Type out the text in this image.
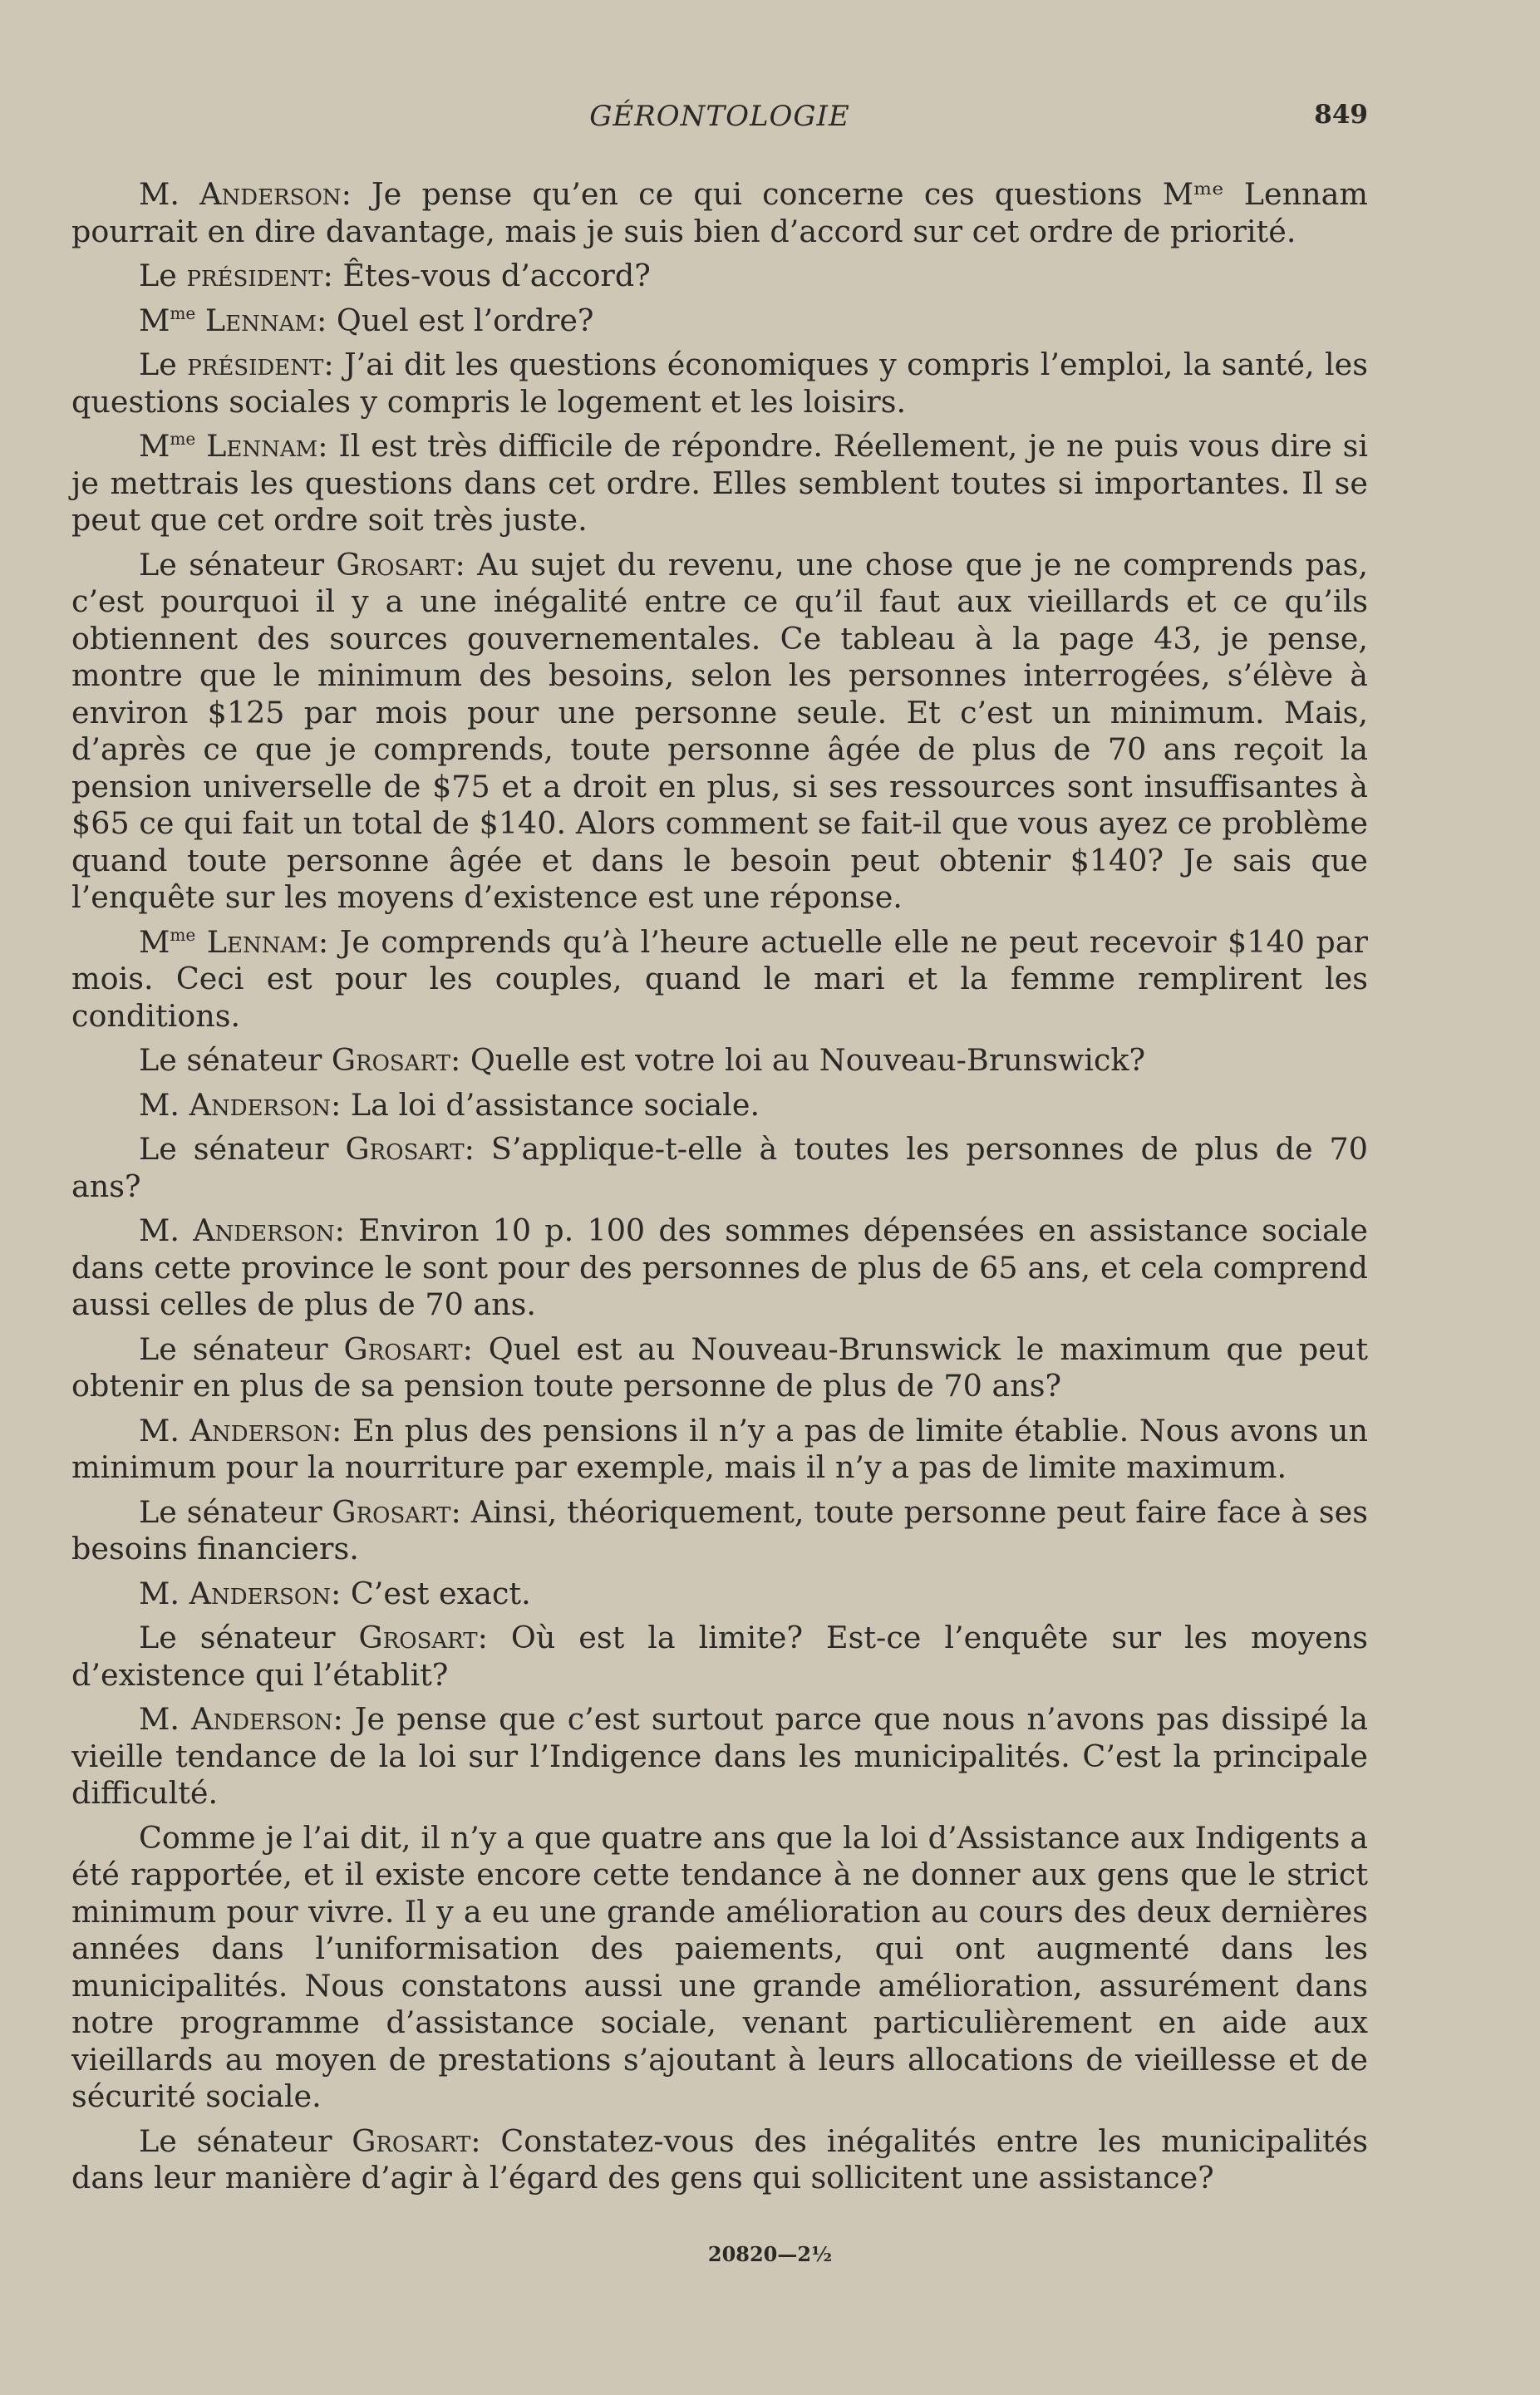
GÉRONTOLOGIE	849

M. Anderson: Je pense qu’en ce qui concerne ces questions Mᵐᵉ Lennam pourrait en dire davantage, mais je suis bien d’accord sur cet ordre de priorité.

Le président: Êtes-vous d’accord?

$M^{me}$ Lennam: Quel est l’ordre?

Le président: J’ai dit les questions économiques y compris l’emploi, la santé, les questions sociales y compris le logement et les loisirs.

$M^{me}$ Lennam: Il est très difficile de répondre. Réellement, je ne puis vous dire si je mettrais les questions dans cet ordre. Elles semblent toutes si importantes. Il se peut que cet ordre soit très juste.

Le sénateur Grosart: Au sujet du revenu, une chose que je ne comprends pas, c’est pourquoi il y a une inégalité entre ce qu’il faut aux vieillards et ce qu’ils obtiennent des sources gouvernementales. Ce tableau à la page 43, je pense, montre que le minimum des besoins, selon les personnes interrogées, s’élève à environ $125 par mois pour une personne seule. Et c’est un minimum. Mais, d’après ce que je comprends, toute personne âgée de plus de 70 ans reçoit la pension universelle de $75 et a droit en plus, si ses ressources sont insuffisantes à $65 ce qui fait un total de $140. Alors comment se fait-il que vous ayez ce problème quand toute personne âgée et dans le besoin peut obtenir $140? Je sais que l’enquête sur les moyens d’existence est une réponse.

$M^{me}$ Lennam: Je comprends qu’à l’heure actuelle elle ne peut recevoir $140 par mois. Ceci est pour les couples, quand le mari et la femme remplirent les conditions.

Le sénateur Grosart: Quelle est votre loi au Nouveau-Brunswick?

M. Anderson: La loi d’assistance sociale.

Le sénateur Grosart: S’applique-t-elle à toutes les personnes de plus de 70 ans?

M. Anderson: Environ 10 p. 100 des sommes dépensées en assistance sociale dans cette province le sont pour des personnes de plus de 65 ans, et cela comprend aussi celles de plus de 70 ans.

Le sénateur Grosart: Quel est au Nouveau-Brunswick le maximum que peut obtenir en plus de sa pension toute personne de plus de 70 ans?

M. Anderson: En plus des pensions il n’y a pas de limite établie. Nous avons un minimum pour la nourriture par exemple, mais il n’y a pas de limite maximum.

Le sénateur Grosart: Ainsi, théoriquement, toute personne peut faire face à ses besoins financiers.

M. Anderson: C’est exact.

Le sénateur Grosart: Où est la limite? Est-ce l’enquête sur les moyens d’existence qui l’établit?

M. Anderson: Je pense que c’est surtout parce que nous n’avons pas dissipé la vieille tendance de la loi sur l’Indigence dans les municipalités. C’est la principale difficulté.

Comme je l’ai dit, il n’y a que quatre ans que la loi d’Assistance aux Indigents a été rapportée, et il existe encore cette tendance à ne donner aux gens que le strict minimum pour vivre. Il y a eu une grande amélioration au cours des deux dernières années dans l’uniformisation des paiements, qui ont augmenté dans les municipalités. Nous constatons aussi une grande amélioration, assurément dans notre programme d’assistance sociale, venant particulièrement en aide aux vieillards au moyen de prestations s’ajoutant à leurs allocations de vieillesse et de sécurité sociale.

Le sénateur Grosart: Constatez-vous des inégalités entre les municipalités dans leur manière d’agir à l’égard des gens qui sollicitent une assistance?

20820—2½
